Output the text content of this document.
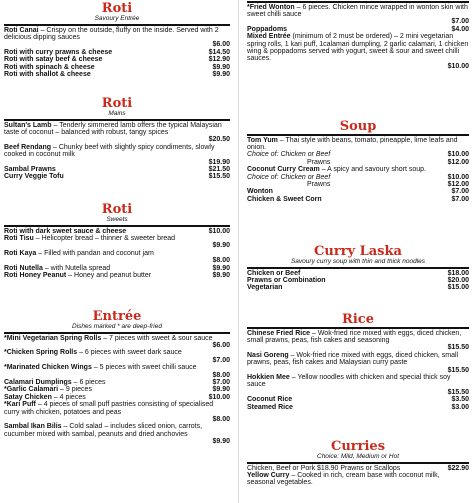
Roti
Savoury Entrée
Roti Canai – Crispy on the outside, fluffy on the inside. Served with 2 delicious dipping sauces
$6.00
Roti with curry prawns & cheese	$14.50
Roti with satay beef & cheese	$12.90
Roti with spinach & cheese	$9.90
Roti with shallot & cheese	$9.90
Roti
Mains
Sultan's Lamb – Tenderly simmered lamb offers the typical Malaysian taste of coconut – balanced with robust, tangy spices
$20.50
Beef Rendang – Chunky beef with slightly spicy condiments, slowly cooked in coconut milk
$19.90
Sambal Prawns	$21.50
Curry Veggie Tofu	$15.50
Roti
Sweets
Roti with dark sweet sauce & cheese	$10.00
Roti Tisu – Helicopter bread – thinner & sweeter bread
$9.90
Roti Kaya – Filled with pandan and coconut jam
$8.00
Roti Nutella – with Nutella spread	$9.90
Roti Honey Peanut – Honey and peanut butter	$9.90
Entrée
Dishes marked * are deep-fried
*Mini Vegetarian Spring Rolls – 7 pieces with sweet & sour sauce
$6.00
*Chicken Spring Rolls – 6 pieces with sweet dark sauce
$7.00
*Marinated Chicken Wings – 5 pieces with sweet chilli sauce
$8.00
Calamari Dumplings – 6 pieces	$7.00
*Garlic Calamari – 9 pieces	$9.90
Satay Chicken – 4 pieces	$10.00
*Kari Puff – 4 pieces of small puff pastries consisting of specialised curry with chicken, potatoes and peas
$8.00
Sambal Ikan Bilis – Cold salad – includes sliced onion, carrots, cucumber mixed with sambal, peanuts and dried anchovies
$9.90
*Fried Wonton – 6 pieces. Chicken mince wrapped in wonton skin with sweet chilli sauce
$7.00
Poppadoms	$4.00
Mixed Entrée (minimum of 2 must be ordered) – 2 mini vegetarian spring rolls, 1 kari puff, 1calamari dumpling, 2 garlic calamari, 1 chicken wing & poppadoms served with yogurt, sweet & sour and sweet chilli sauces.
$10.00
Soup
Tom Yum – Thai style with beans, tomato, pineapple, lime leafs and onion.
Choice of: Chicken or Beef	$10.00
Prawns	$12.00
Coconut Curry Cream – A spicy and savoury short soup.
Choice of: Chicken or Beef	$10.00
Prawns	$12.00
Wonton	$7.00
Chicken & Sweet Corn	$7.00
Curry Laska
Savoury curry soup with thin and thick noodles
Chicken or Beef	$18.00
Prawns or Combination	$20.00
Vegetarian	$15.00
Rice
Chinese Fried Rice – Wok-fried rice mixed with eggs, diced chicken, small prawns, peas, fish cakes and seasoning
$15.50
Nasi Goreng – Wok-fried rice mixed with eggs, diced chicken, small prawns, peas, fish cakes and Malaysian curry paste
$15.50
Hokkien Mee – Yellow noodles with chicken and special thick soy sauce
$15.50
Coconut Rice	$3.50
Steamed Rice	$3.00
Curries
Choice: Mild, Medium or Hot
Chicken, Beef or Pork $18.90 Prawns or Scallops	$22.90
Yellow Curry – Cooked in rich, cream base with coconut milk, seasonal vegetables.
